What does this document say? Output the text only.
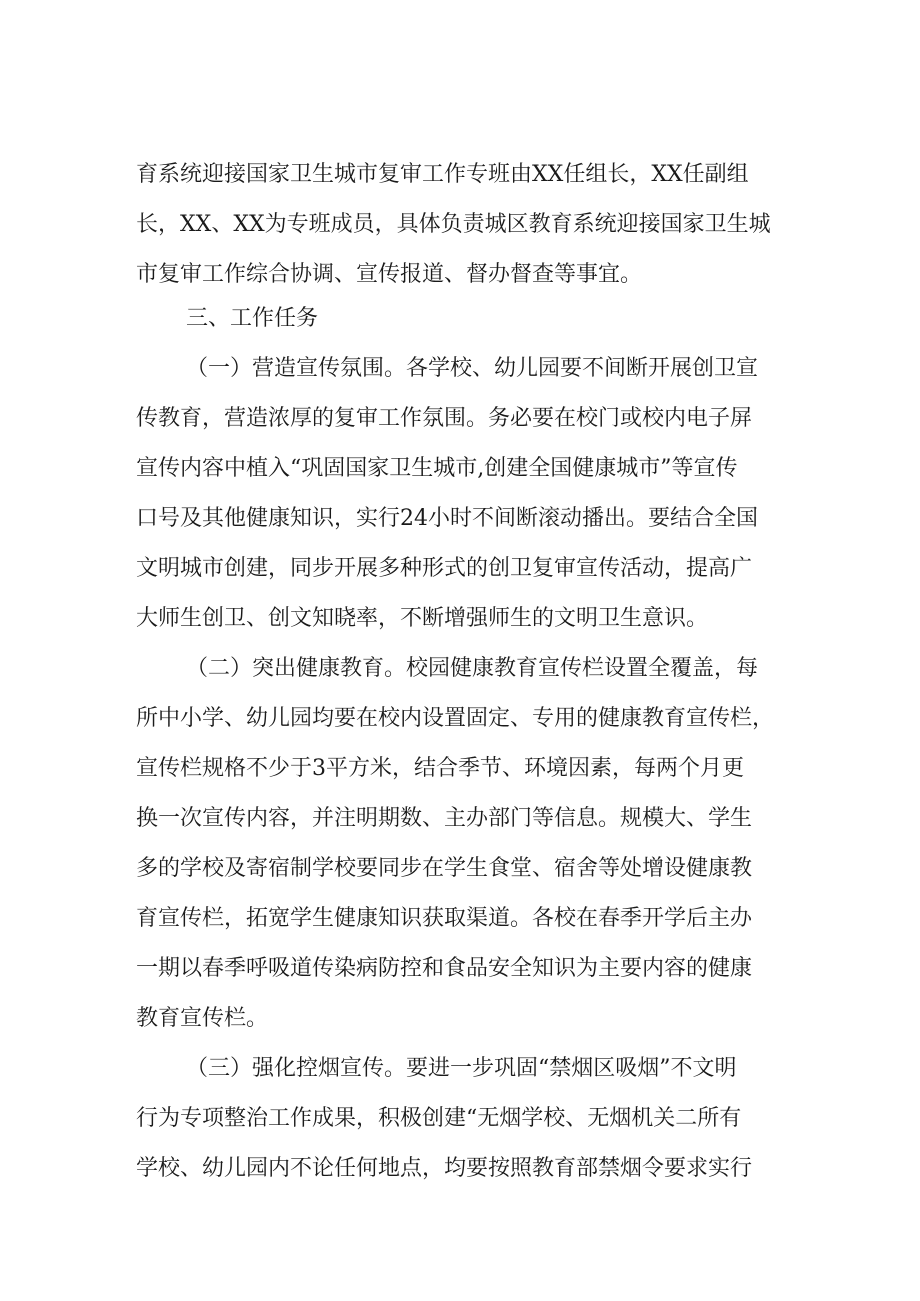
育系统迎接国家卫生城市复审工作专班由XX任组长，XX任副组
长，XX、XX为专班成员，具体负责城区教育系统迎接国家卫生城
市复审工作综合协调、宣传报道、督办督查等事宜。
三、工作任务
（一）营造宣传氛围。各学校、幼儿园要不间断开展创卫宣
传教育，营造浓厚的复审工作氛围。务必要在校门或校内电子屏
宣传内容中植入“巩固国家卫生城市,创建全国健康城市”等宣传
口号及其他健康知识，实行24小时不间断滚动播出。要结合全国
文明城市创建，同步开展多种形式的创卫复审宣传活动，提高广
大师生创卫、创文知晓率，不断增强师生的文明卫生意识。
（二）突出健康教育。校园健康教育宣传栏设置全覆盖，每
所中小学、幼儿园均要在校内设置固定、专用的健康教育宣传栏，
宣传栏规格不少于3平方米，结合季节、环境因素，每两个月更
换一次宣传内容，并注明期数、主办部门等信息。规模大、学生
多的学校及寄宿制学校要同步在学生食堂、宿舍等处增设健康教
育宣传栏，拓宽学生健康知识获取渠道。各校在春季开学后主办
一期以春季呼吸道传染病防控和食品安全知识为主要内容的健康
教育宣传栏。
（三）强化控烟宣传。要进一步巩固“禁烟区吸烟”不文明
行为专项整治工作成果，积极创建“无烟学校、无烟机关二所有
学校、幼儿园内不论任何地点，均要按照教育部禁烟令要求实行
